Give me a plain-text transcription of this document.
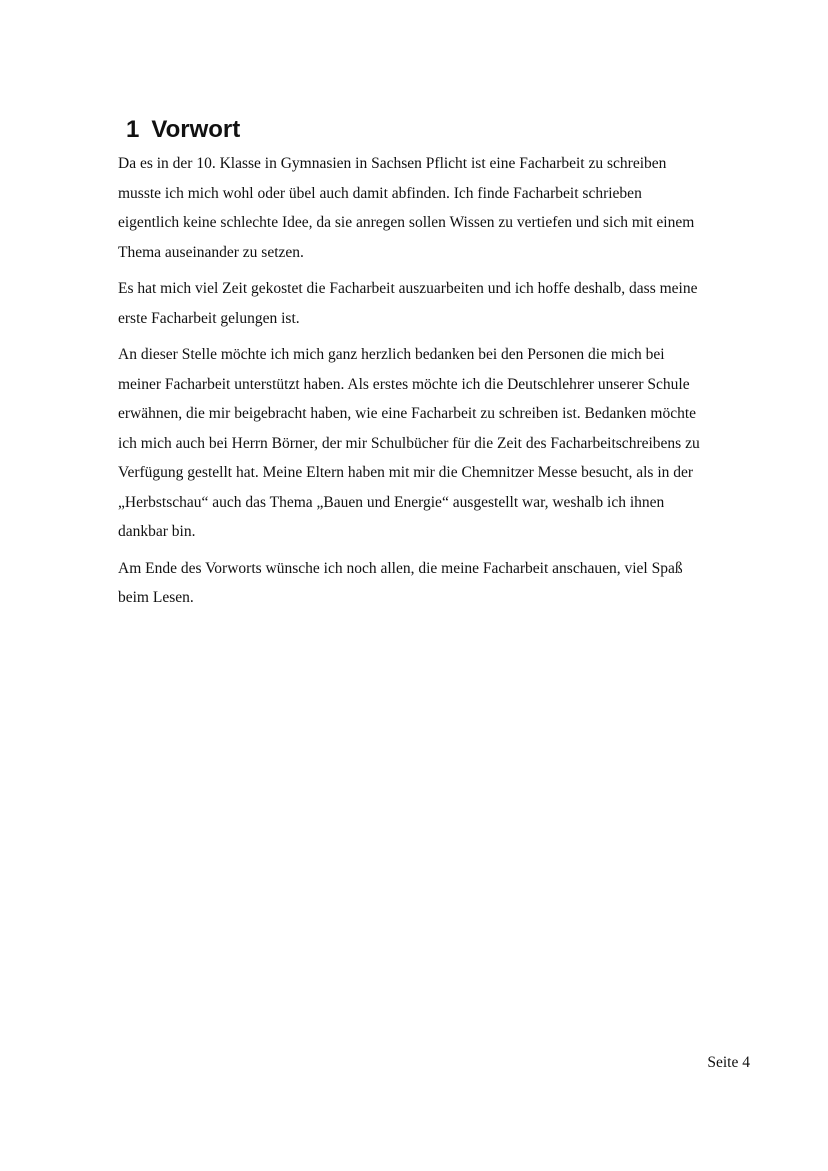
1 Vorwort

Da es in der 10. Klasse in Gymnasien in Sachsen Pflicht ist eine Facharbeit zu schreiben
musste ich mich wohl oder übel auch damit abfinden. Ich finde Facharbeit schrieben
eigentlich keine schlechte Idee, da sie anregen sollen Wissen zu vertiefen und sich mit einem
Thema auseinander zu setzen.

Es hat mich viel Zeit gekostet die Facharbeit auszuarbeiten und ich hoffe deshalb, dass meine
erste Facharbeit gelungen ist.

An dieser Stelle möchte ich mich ganz herzlich bedanken bei den Personen die mich bei
meiner Facharbeit unterstützt haben. Als erstes möchte ich die Deutschlehrer unserer Schule
erwähnen, die mir beigebracht haben, wie eine Facharbeit zu schreiben ist. Bedanken möchte
ich mich auch bei Herrn Börner, der mir Schulbücher für die Zeit des Facharbeitschreibens zu
Verfügung gestellt hat. Meine Eltern haben mit mir die Chemnitzer Messe besucht, als in der
„Herbstschau“ auch das Thema „Bauen und Energie“ ausgestellt war, weshalb ich ihnen
dankbar bin.

Am Ende des Vorworts wünsche ich noch allen, die meine Facharbeit anschauen, viel Spaß
beim Lesen.

Seite 4
